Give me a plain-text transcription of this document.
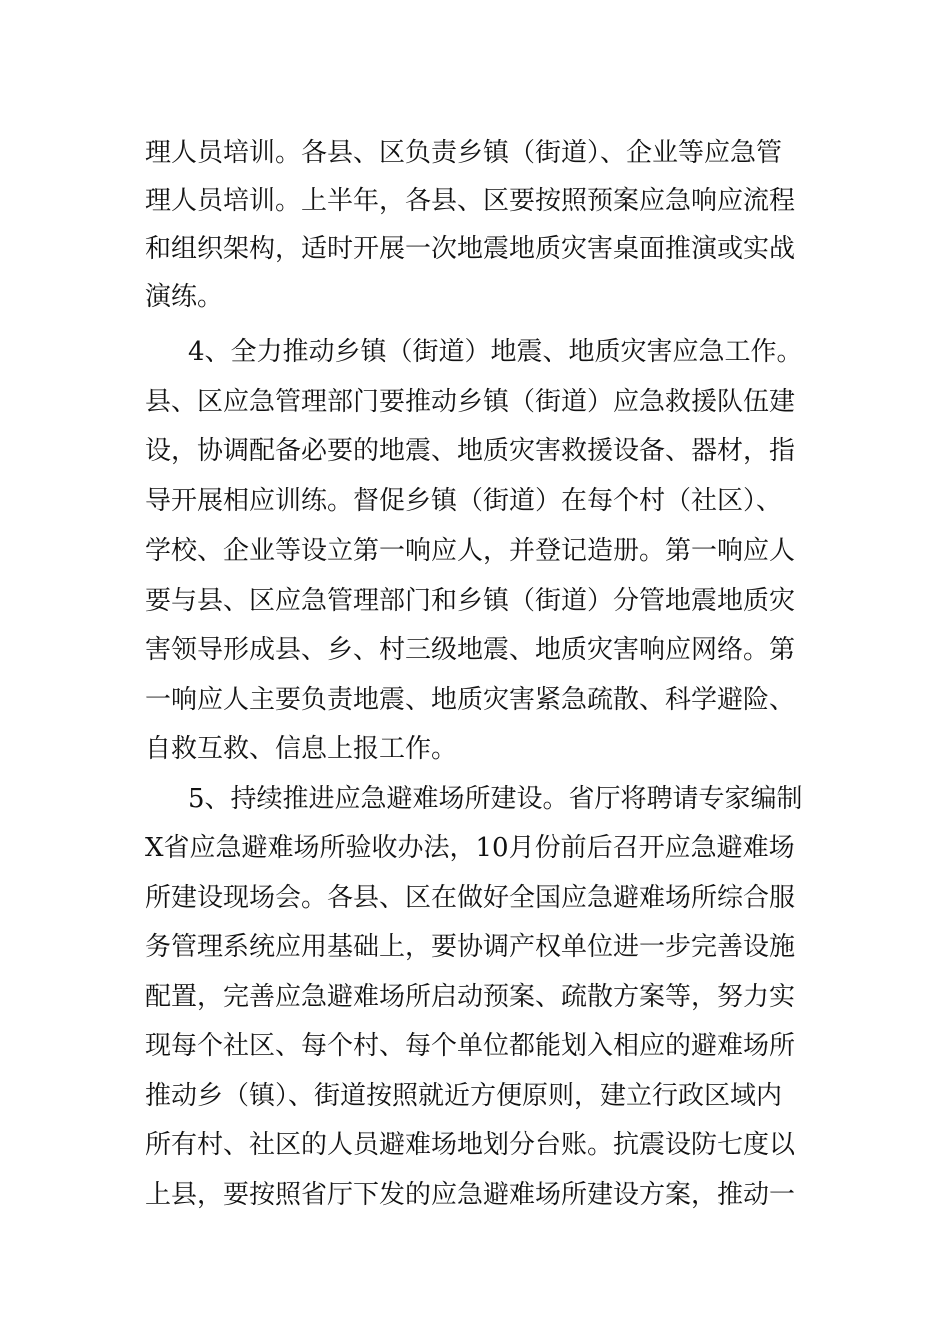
理人员培训。各县、区负责乡镇（街道）、企业等应急管
理人员培训。上半年，各县、区要按照预案应急响应流程
和组织架构，适时开展一次地震地质灾害桌面推演或实战
演练。
4、全力推动乡镇（街道）地震、地质灾害应急工作。
县、区应急管理部门要推动乡镇（街道）应急救援队伍建
设，协调配备必要的地震、地质灾害救援设备、器材，指
导开展相应训练。督促乡镇（街道）在每个村（社区）、
学校、企业等设立第一响应人，并登记造册。第一响应人
要与县、区应急管理部门和乡镇（街道）分管地震地质灾
害领导形成县、乡、村三级地震、地质灾害响应网络。第
一响应人主要负责地震、地质灾害紧急疏散、科学避险、
自救互救、信息上报工作。
5、持续推进应急避难场所建设。省厅将聘请专家编制
X省应急避难场所验收办法，10月份前后召开应急避难场
所建设现场会。各县、区在做好全国应急避难场所综合服
务管理系统应用基础上，要协调产权单位进一步完善设施
配置，完善应急避难场所启动预案、疏散方案等，努力实
现每个社区、每个村、每个单位都能划入相应的避难场所
推动乡（镇）、街道按照就近方便原则，建立行政区域内
所有村、社区的人员避难场地划分台账。抗震设防七度以
上县，要按照省厅下发的应急避难场所建设方案，推动一
